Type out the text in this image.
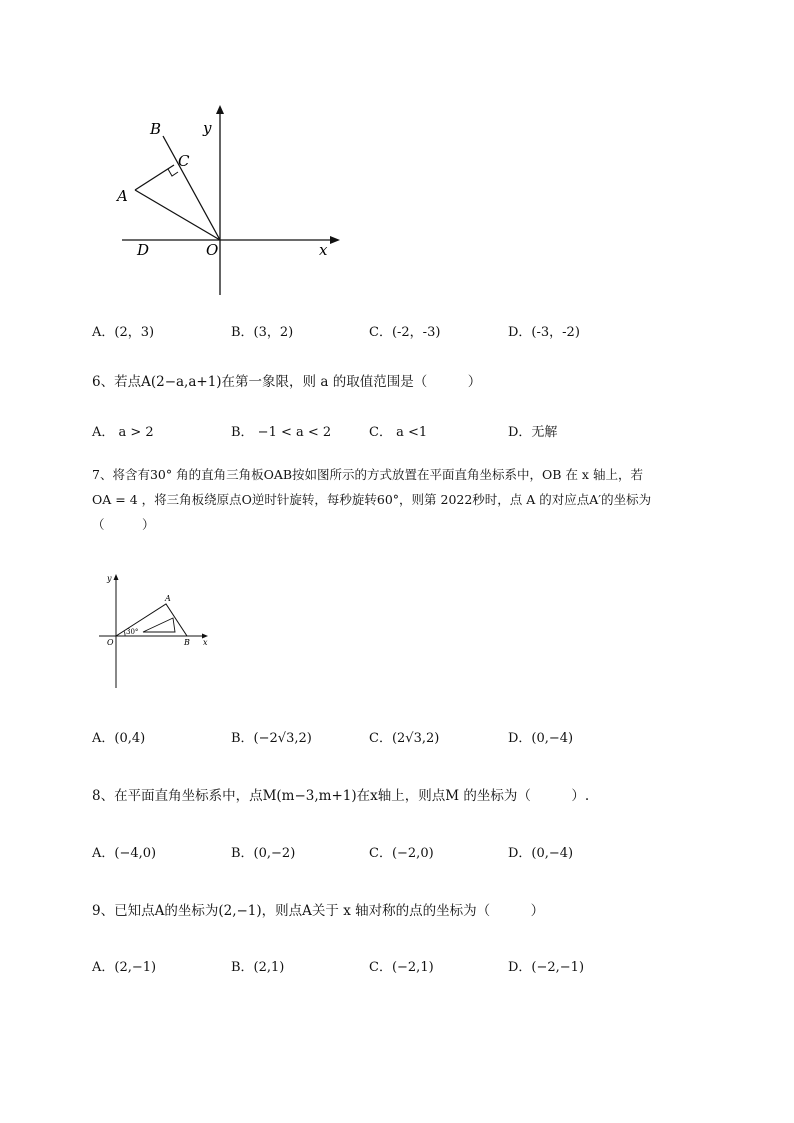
B	y
C
A
D	O	x
A．(2，3)	B．(3，2)	C．(-2，-3)	D．(-3，-2)
6、若点A(2−a,a+1)在第一象限，则 a 的取值范围是（　　　）
A． a > 2	B． −1 < a < 2	C． a <1	D．无解
7、将含有30° 角的直角三角板OAB按如图所示的方式放置在平面直角坐标系中，OB 在 x 轴上，若
OA = 4 ，将三角板绕原点O逆时针旋转，每秒旋转60°，则第 2022秒时，点 A 的对应点A′的坐标为
（　　　）
y
A
30°
O	B x
A．(0,4)	B．(−2√3,2)	C．(2√3,2)	D．(0,−4)
8、在平面直角坐标系中，点M(m−3,m+1)在x轴上，则点M 的坐标为（　　　）.
A．(−4,0)	B．(0,−2)	C．(−2,0)	D．(0,−4)
9、已知点A的坐标为(2,−1)，则点A关于 x 轴对称的点的坐标为（　　　）
A．(2,−1)	B．(2,1)	C．(−2,1)	D．(−2,−1)
